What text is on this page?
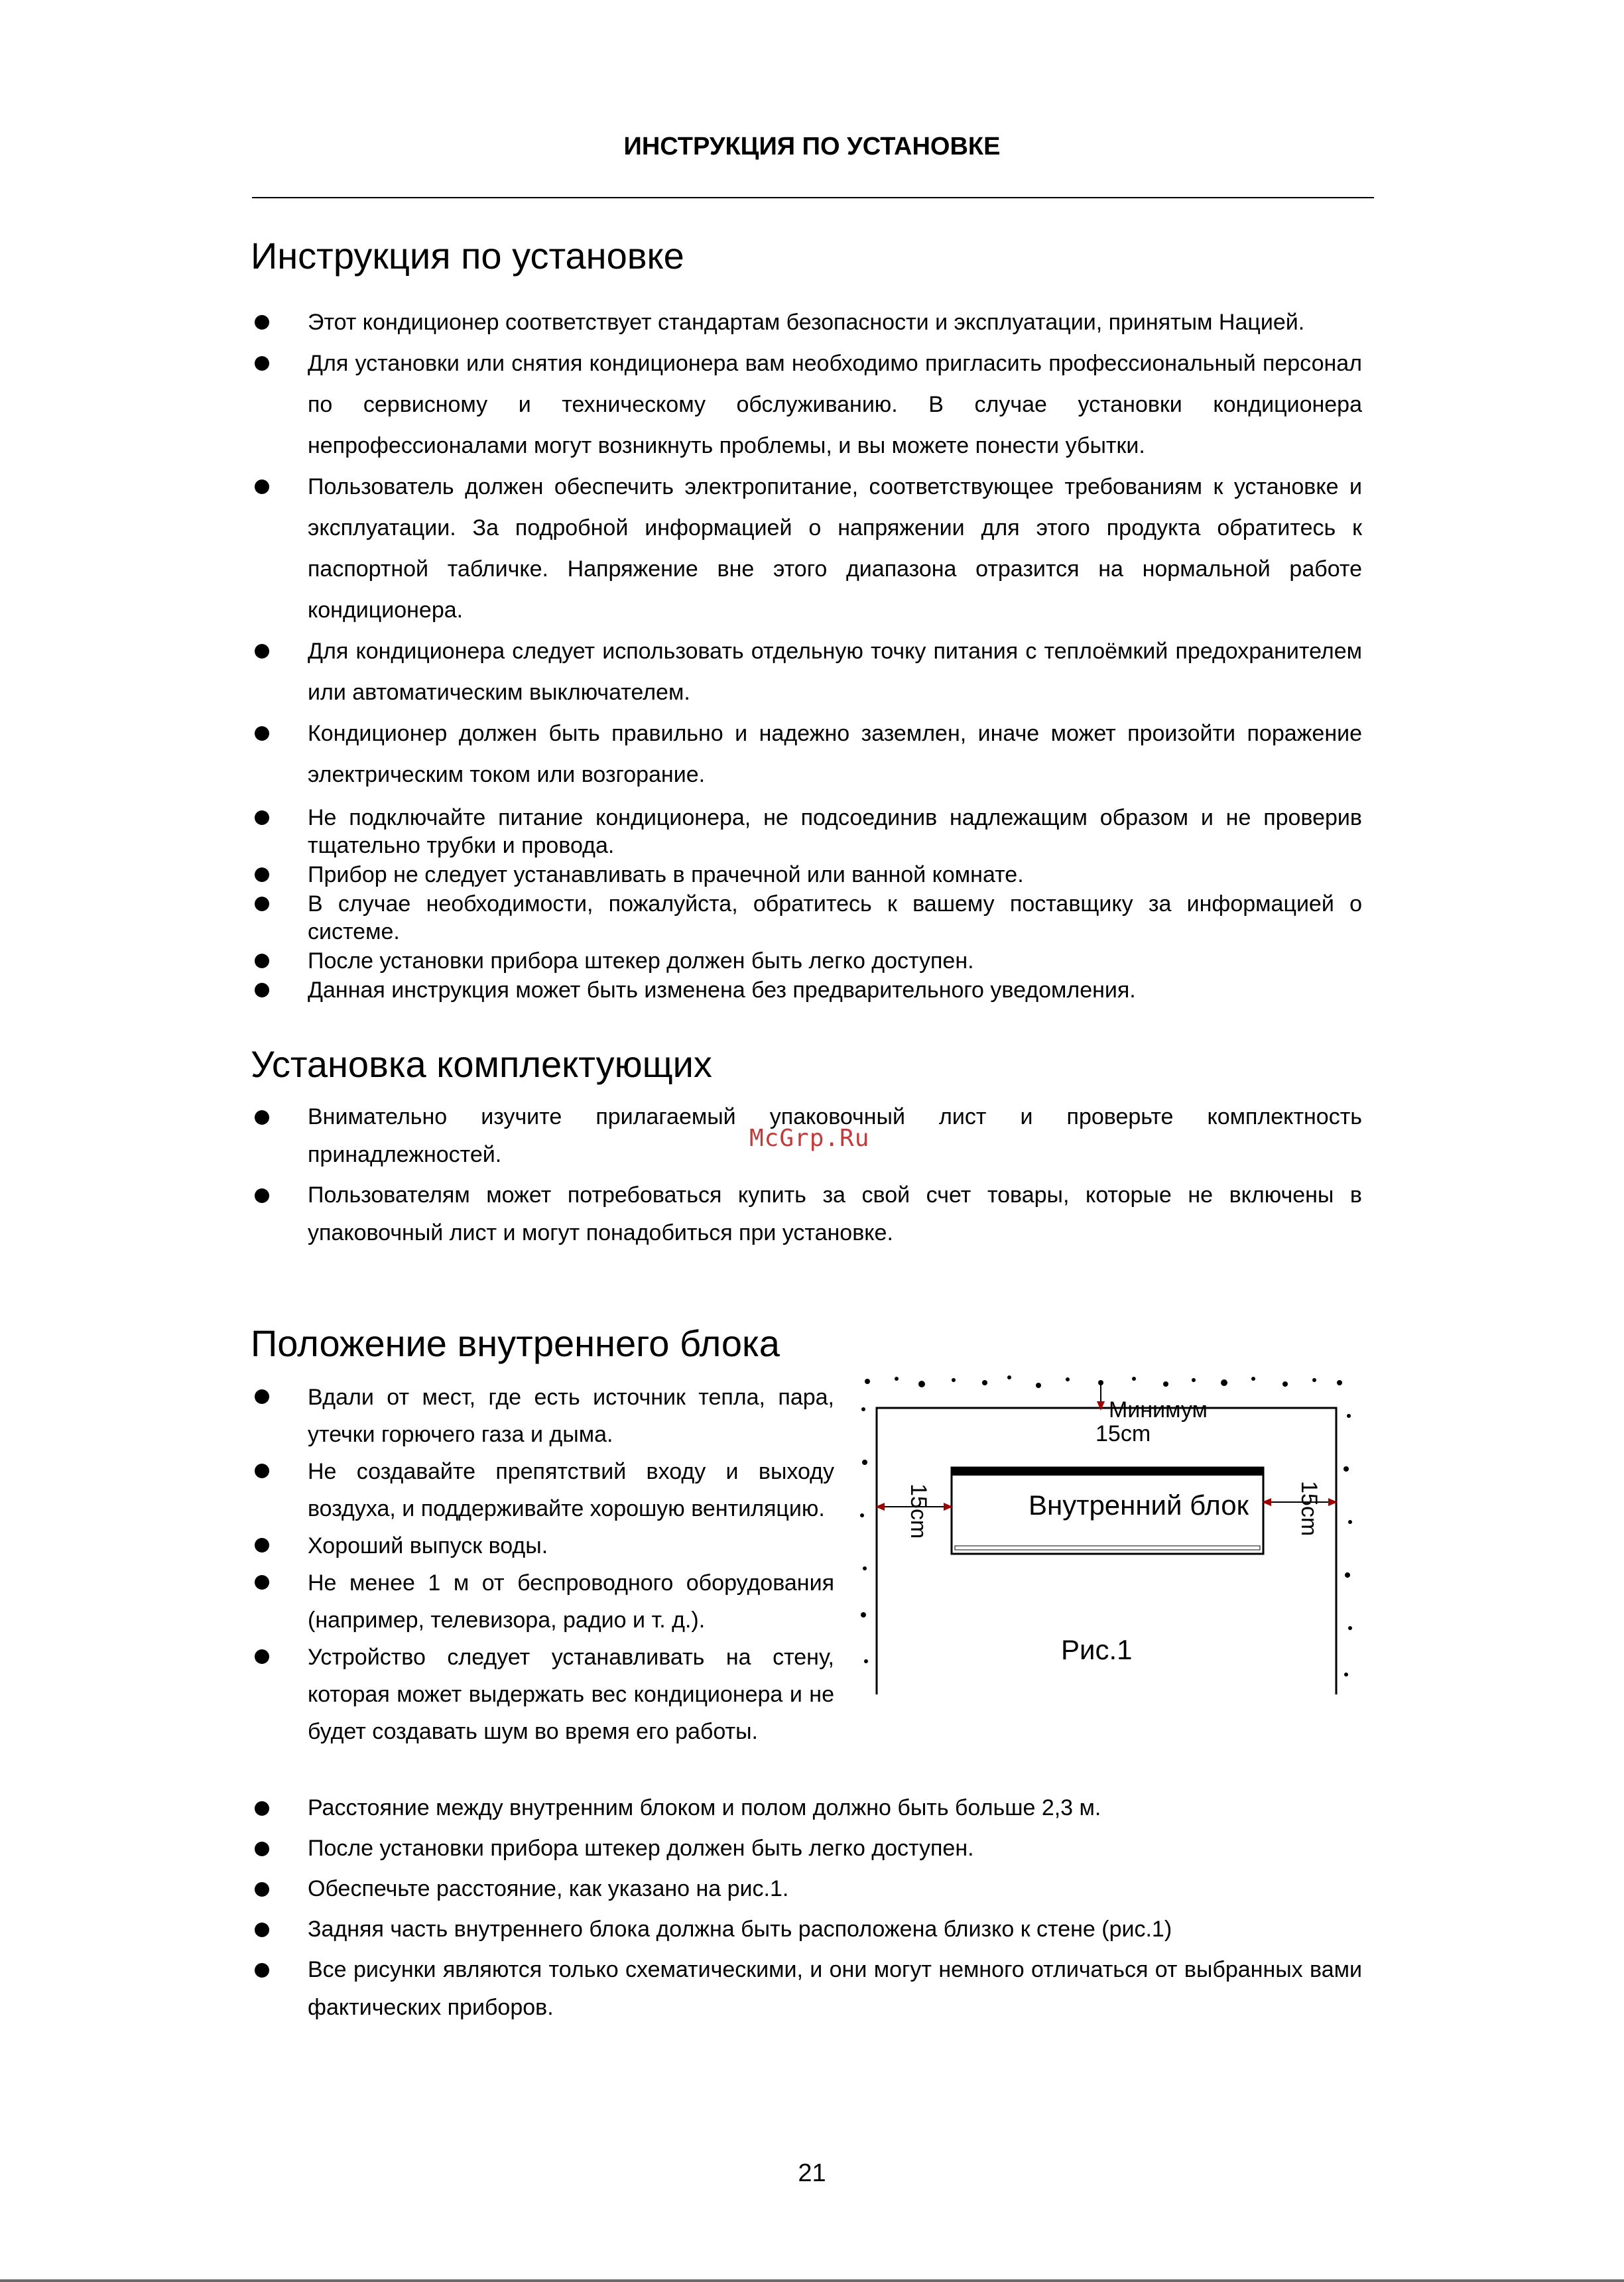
ИНСТРУКЦИЯ ПО УСТАНОВКЕ
Инструкция по установке
Этот кондиционер соответствует стандартам безопасности и эксплуатации, принятым Нацией.
Для установки или снятия кондиционера вам необходимо пригласить профессиональный персонал по сервисному и техническому обслуживанию. В случае установки кондиционера непрофессионалами могут возникнуть проблемы, и вы можете понести убытки.
Пользователь должен обеспечить электропитание, соответствующее требованиям к установке и эксплуатации. За подробной информацией о напряжении для этого продукта обратитесь к паспортной табличке. Напряжение вне этого диапазона отразится на нормальной работе кондиционера.
Для кондиционера следует использовать отдельную точку питания с теплоёмкий предохранителем или автоматическим выключателем.
Кондиционер должен быть правильно и надежно заземлен, иначе может произойти поражение электрическим током или возгорание.
Не подключайте питание кондиционера, не подсоединив надлежащим образом и не проверив тщательно трубки и провода.
Прибор не следует устанавливать в прачечной или ванной комнате.
В случае необходимости, пожалуйста, обратитесь к вашему поставщику за информацией о системе.
После установки прибора штекер должен быть легко доступен.
Данная инструкция может быть изменена без предварительного уведомления.
Установка комплектующих
Внимательно изучите прилагаемый упаковочный лист и проверьте комплектность принадлежностей.
Пользователям может потребоваться купить за свой счет товары, которые не включены в упаковочный лист и могут понадобиться при установке.
McGrp.Ru
Положение внутреннего блока
Вдали от мест, где есть источник тепла, пара, утечки горючего газа и дыма.
Не создавайте препятствий входу и выходу воздуха, и поддерживайте хорошую вентиляцию.
Хороший выпуск воды.
Не менее 1 м от беспроводного оборудования (например, телевизора, радио и т. д.).
Устройство следует устанавливать на стену, которая может выдержать вес кондиционера и не будет создавать шум во время его работы.
Расстояние между внутренним блоком и полом должно быть больше 2,3 м.
После установки прибора штекер должен быть легко доступен.
Обеспечьте расстояние, как указано на рис.1.
Задняя часть внутреннего блока должна быть расположена близко к стене (рис.1)
Все рисунки являются только схематическими, и они могут немного отличаться от выбранных вами фактических приборов.
Минимум
15cm
15cm	15cm
Внутренний блок
Рис.1
21
